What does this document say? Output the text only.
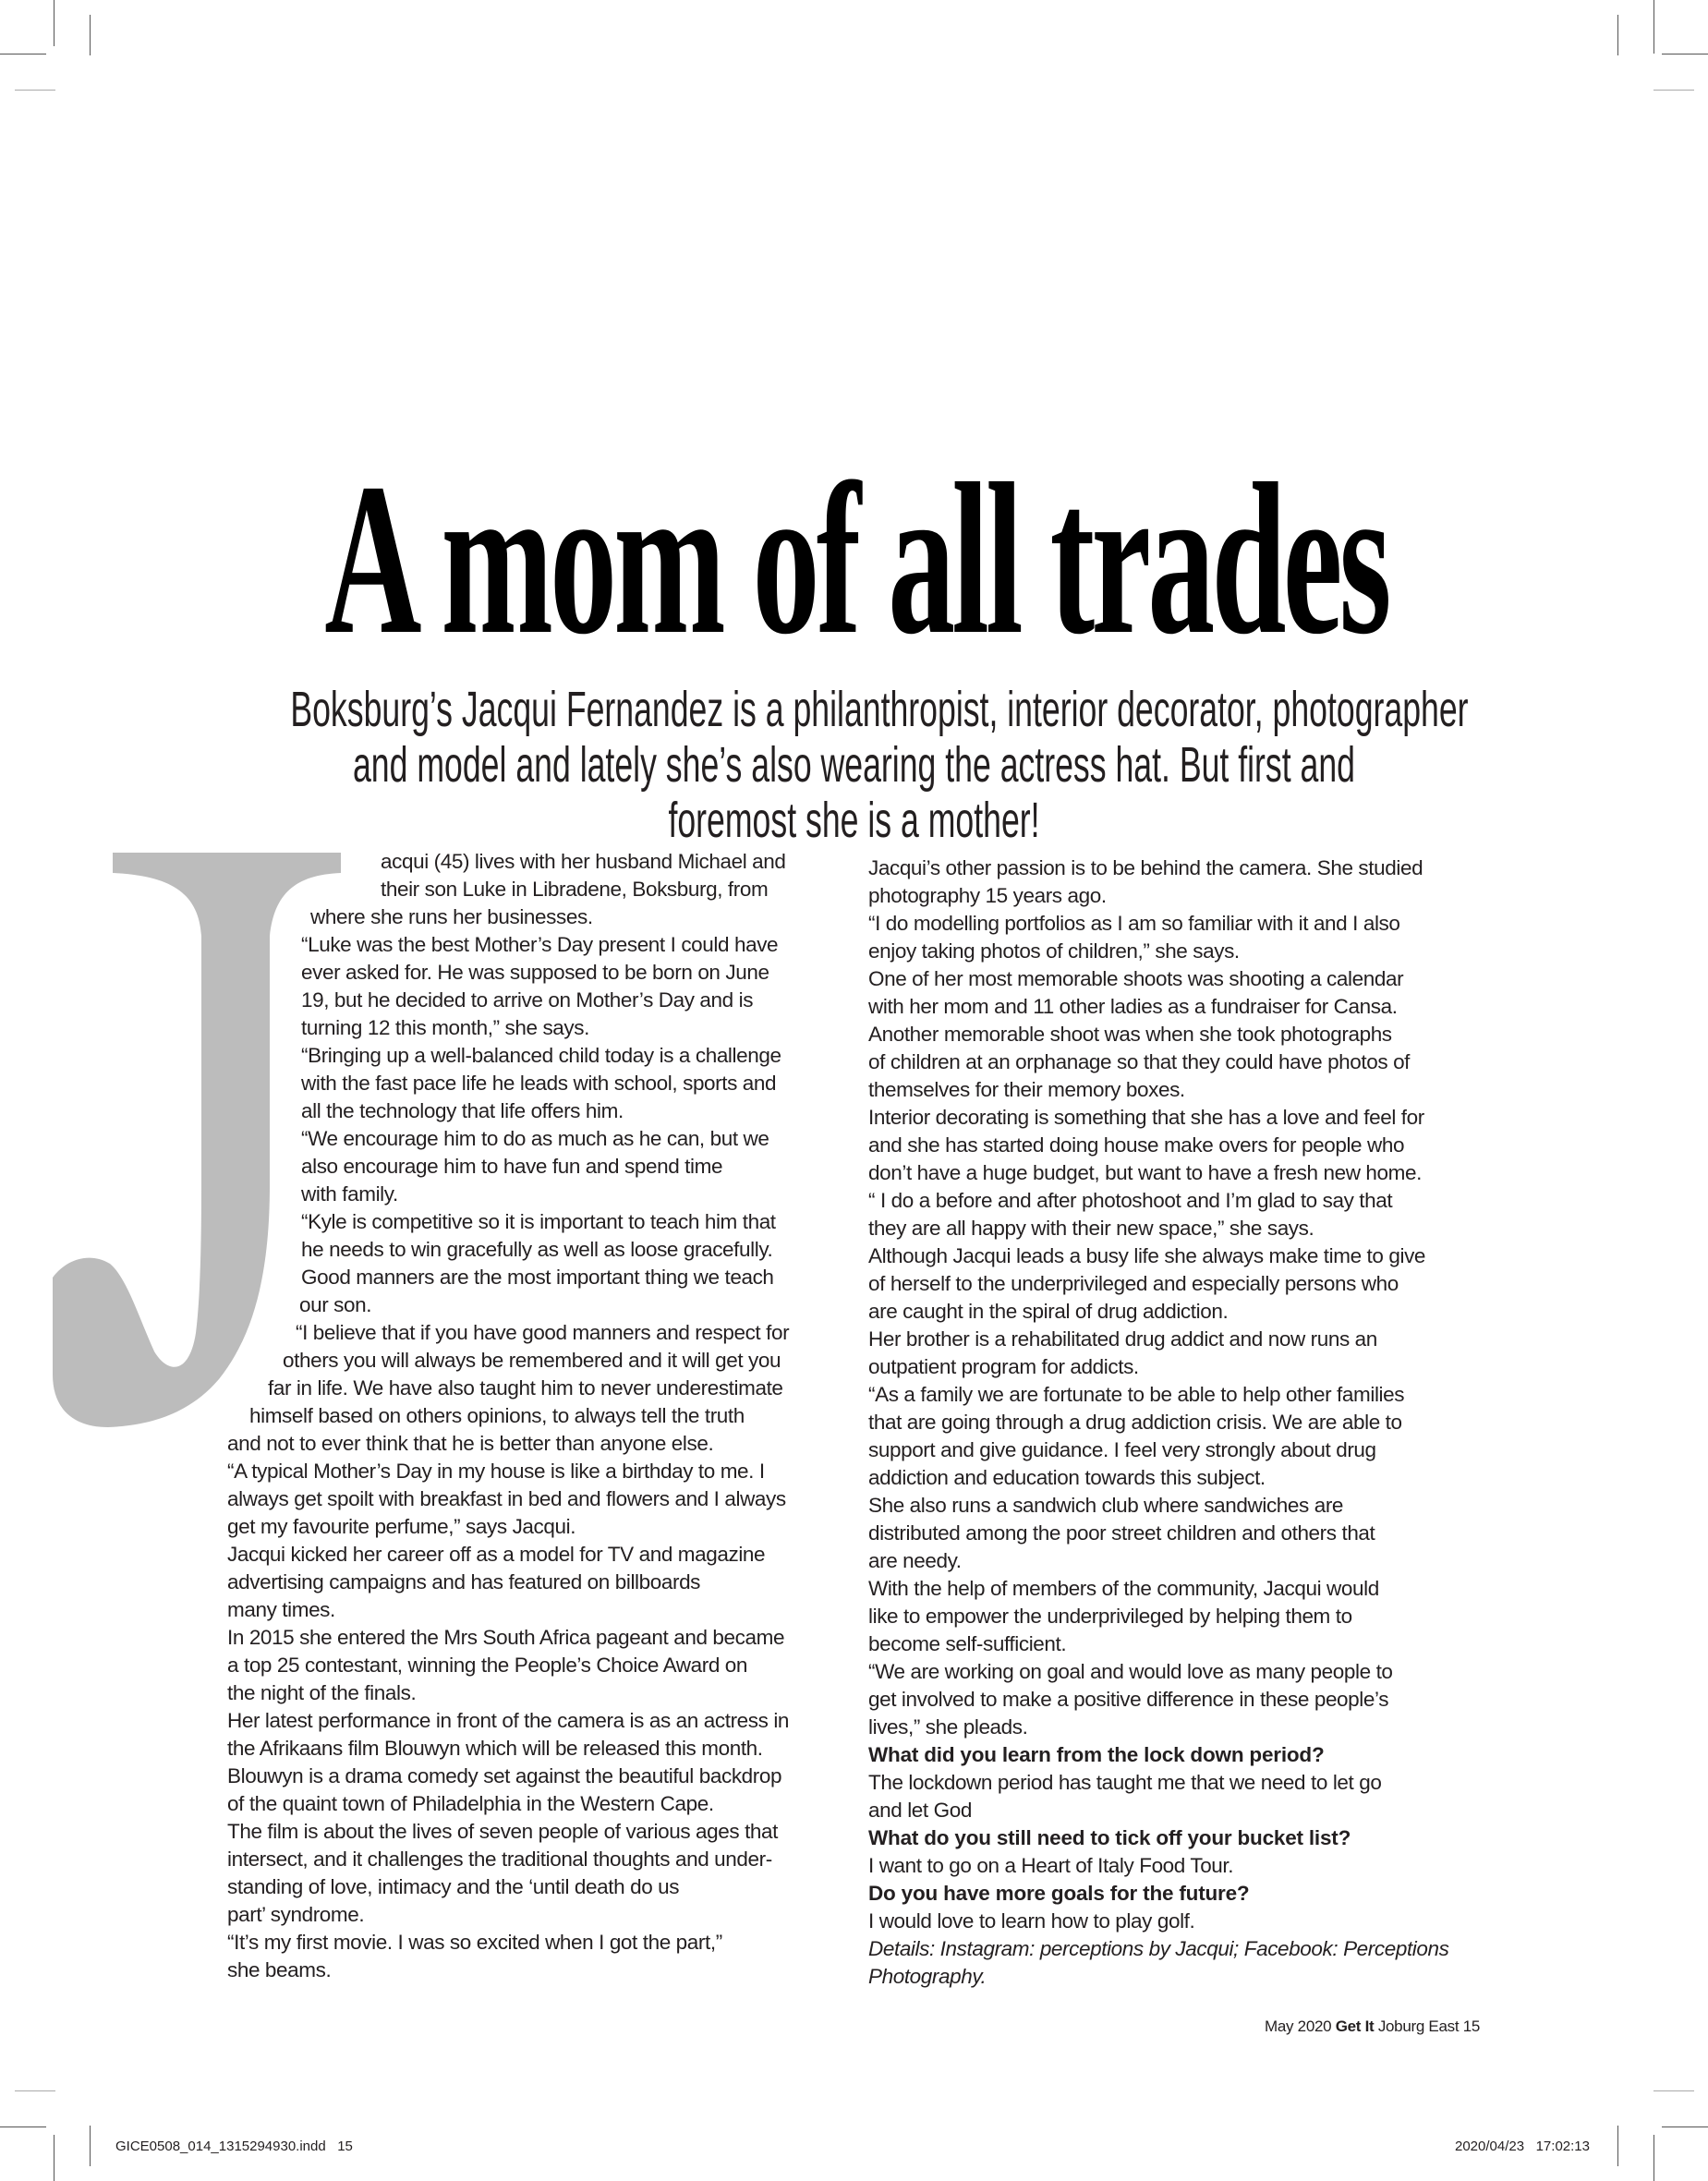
A mom of all trades
Boksburg’s Jacqui Fernandez is a philanthropist, interior decorator, photographer
and model and lately she’s also wearing the actress hat. But first and
foremost she is a mother!
acqui (45) lives with her husband Michael and
their son Luke in Libradene, Boksburg, from
where she runs her businesses.
“Luke was the best Mother’s Day present I could have
ever asked for. He was supposed to be born on June
19, but he decided to arrive on Mother’s Day and is
turning 12 this month,” she says.
“Bringing up a well-balanced child today is a challenge
with the fast pace life he leads with school, sports and
all the technology that life offers him.
“We encourage him to do as much as he can, but we
also encourage him to have fun and spend time
with family.
“Kyle is competitive so it is important to teach him that
he needs to win gracefully as well as loose gracefully.
Good manners are the most important thing we teach
our son.
“I believe that if you have good manners and respect for
others you will always be remembered and it will get you
far in life. We have also taught him to never underestimate
himself based on others opinions, to always tell the truth
and not to ever think that he is better than anyone else.
“A typical Mother’s Day in my house is like a birthday to me. I
always get spoilt with breakfast in bed and flowers and I always
get my favourite perfume,” says Jacqui.
Jacqui kicked her career off as a model for TV and magazine
advertising campaigns and has featured on billboards
many times.
In 2015 she entered the Mrs South Africa pageant and became
a top 25 contestant, winning the People’s Choice Award on
the night of the finals.
Her latest performance in front of the camera is as an actress in
the Afrikaans film Blouwyn which will be released this month.
Blouwyn is a drama comedy set against the beautiful backdrop
of the quaint town of Philadelphia in the Western Cape.
The film is about the lives of seven people of various ages that
intersect, and it challenges the traditional thoughts and under-
standing of love, intimacy and the ‘until death do us
part’ syndrome.
“It’s my first movie. I was so excited when I got the part,”
she beams.
Jacqui’s other passion is to be behind the camera. She studied
photography 15 years ago.
“I do modelling portfolios as I am so familiar with it and I also
enjoy taking photos of children,” she says.
One of her most memorable shoots was shooting a calendar
with her mom and 11 other ladies as a fundraiser for Cansa.
Another memorable shoot was when she took photographs
of children at an orphanage so that they could have photos of
themselves for their memory boxes.
Interior decorating is something that she has a love and feel for
and she has started doing house make overs for people who
don’t have a huge budget, but want to have a fresh new home.
“ I do a before and after photoshoot and I’m glad to say that
they are all happy with their new space,” she says.
Although Jacqui leads a busy life she always make time to give
of herself to the underprivileged and especially persons who
are caught in the spiral of drug addiction.
Her brother is a rehabilitated drug addict and now runs an
outpatient program for addicts.
“As a family we are fortunate to be able to help other families
that are going through a drug addiction crisis. We are able to
support and give guidance. I feel very strongly about drug
addiction and education towards this subject.
She also runs a sandwich club where sandwiches are
distributed among the poor street children and others that
are needy.
With the help of members of the community, Jacqui would
like to empower the underprivileged by helping them to
become self-sufficient.
“We are working on goal and would love as many people to
get involved to make a positive difference in these people’s
lives,” she pleads.
What did you learn from the lock down period?
The lockdown period has taught me that we need to let go
and let God
What do you still need to tick off your bucket list?
I want to go on a Heart of Italy Food Tour.
Do you have more goals for the future?
I would love to learn how to play golf.
Details: Instagram: perceptions by Jacqui; Facebook: Perceptions
Photography.
May 2020 Get It Joburg East 15
GICE0508_014_1315294930.indd 15	2020/04/23 17:02:13
